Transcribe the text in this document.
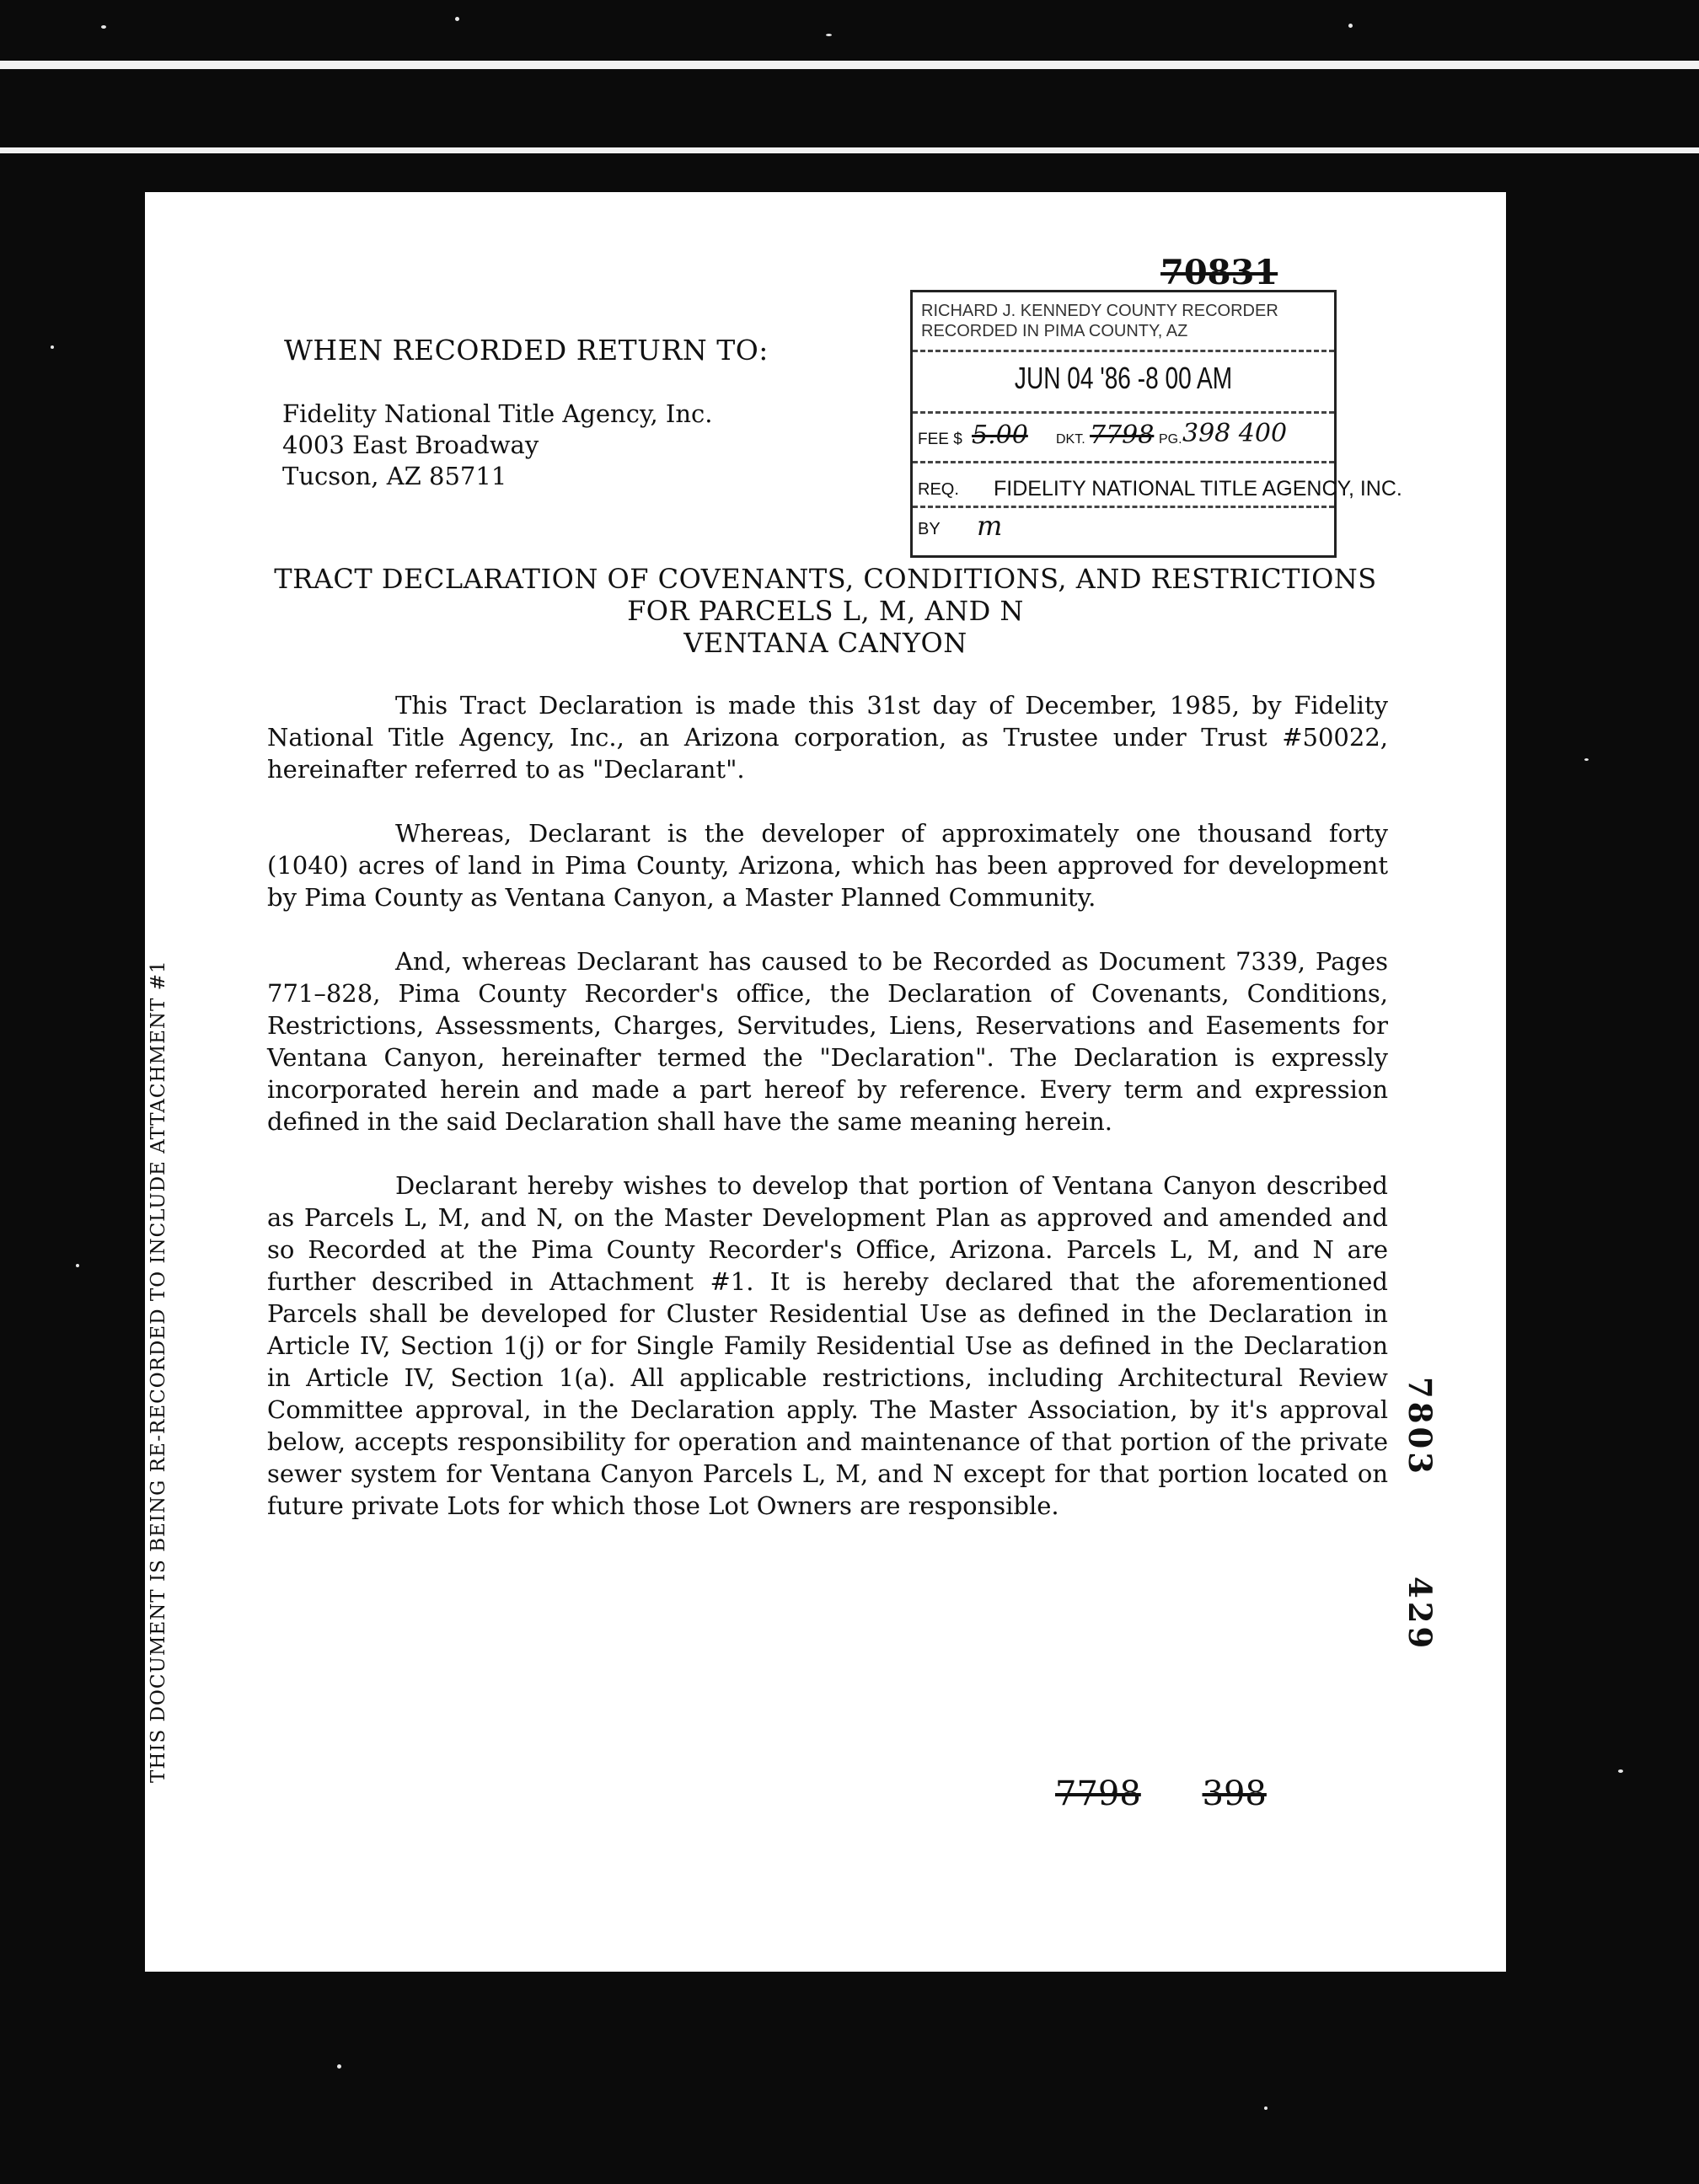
THIS DOCUMENT IS BEING RE-RECORDED TO INCLUDE ATTACHMENT #1
70831
WHEN RECORDED RETURN TO:
Fidelity National Title Agency, Inc.
4003 East Broadway
Tucson, AZ 85711
RICHARD J. KENNEDY COUNTY RECORDER
RECORDED IN PIMA COUNTY, AZ
JUN 04 '86 -8 00 AM
FEE $ 5.00 DKT. 7798 PG. 398 400
REQ. FIDELITY NATIONAL TITLE AGENCY, INC.
BY m
TRACT DECLARATION OF COVENANTS, CONDITIONS, AND RESTRICTIONS
FOR PARCELS L, M, AND N
VENTANA CANYON

This Tract Declaration is made this 31st day of December, 1985, by Fidelity National Title Agency, Inc., an Arizona corporation, as Trustee under Trust #50022, hereinafter referred to as "Declarant".

Whereas, Declarant is the developer of approximately one thousand forty (1040) acres of land in Pima County, Arizona, which has been approved for development by Pima County as Ventana Canyon, a Master Planned Community.

And, whereas Declarant has caused to be Recorded as Document 7339, Pages 771–828, Pima County Recorder's office, the Declaration of Covenants, Conditions, Restrictions, Assessments, Charges, Servitudes, Liens, Reservations and Easements for Ventana Canyon, hereinafter termed the "Declaration". The Declaration is expressly incorporated herein and made a part hereof by reference. Every term and expression defined in the said Declaration shall have the same meaning herein.

Declarant hereby wishes to develop that portion of Ventana Canyon described as Parcels L, M, and N, on the Master Development Plan as approved and amended and so Recorded at the Pima County Recorder's Office, Arizona. Parcels L, M, and N are further described in Attachment #1. It is hereby declared that the aforementioned Parcels shall be developed for Cluster Residential Use as defined in the Declaration in Article IV, Section 1(j) or for Single Family Residential Use as defined in the Declaration in Article IV, Section 1(a). All applicable restrictions, including Architectural Review Committee approval, in the Declaration apply. The Master Association, by it's approval below, accepts responsibility for operation and maintenance of that portion of the private sewer system for Ventana Canyon Parcels L, M, and N except for that portion located on future private Lots for which those Lot Owners are responsible.

7803
429
7798 398
